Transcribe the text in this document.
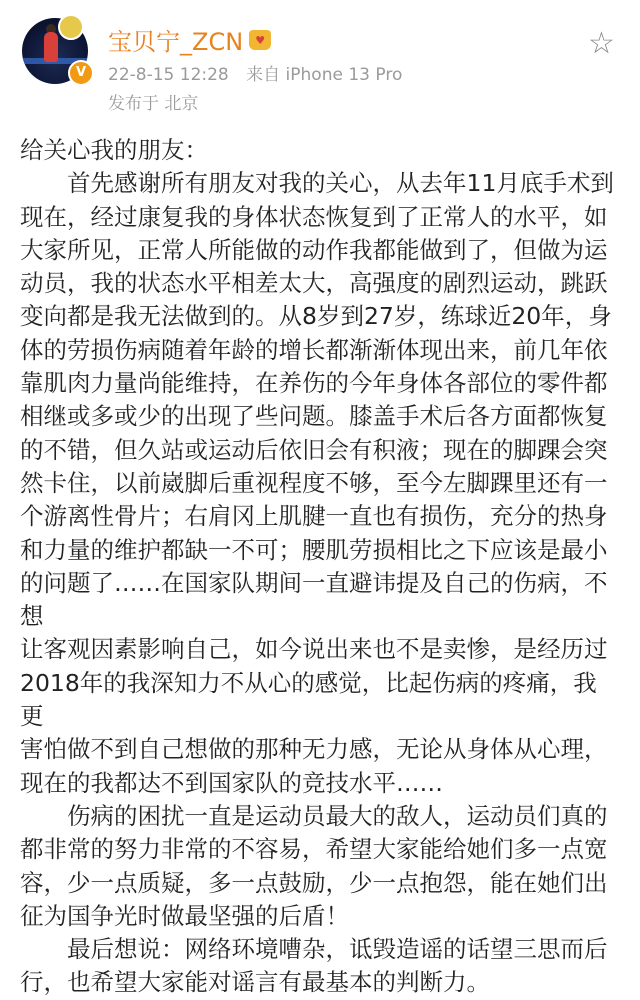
V
宝贝宁_ZCN	♥
22-8-15 12:28 来自 iPhone 13 Pro
发布于 北京
☆
给关心我的朋友：
　　首先感谢所有朋友对我的关心，从去年11月底手术到
现在，经过康复我的身体状态恢复到了正常人的水平，如
大家所见，正常人所能做的动作我都能做到了，但做为运
动员，我的状态水平相差太大，高强度的剧烈运动，跳跃
变向都是我无法做到的。从8岁到27岁，练球近20年，身
体的劳损伤病随着年龄的增长都渐渐体现出来，前几年依
靠肌肉力量尚能维持，在养伤的今年身体各部位的零件都
相继或多或少的出现了些问题。膝盖手术后各方面都恢复
的不错，但久站或运动后依旧会有积液；现在的脚踝会突
然卡住，以前崴脚后重视程度不够，至今左脚踝里还有一
个游离性骨片；右肩冈上肌腱一直也有损伤，充分的热身
和力量的维护都缺一不可；腰肌劳损相比之下应该是最小
的问题了……在国家队期间一直避讳提及自己的伤病，不想
让客观因素影响自己，如今说出来也不是卖惨，是经历过
2018年的我深知力不从心的感觉，比起伤病的疼痛，我更
害怕做不到自己想做的那种无力感，无论从身体从心理，
现在的我都达不到国家队的竞技水平……
　　伤病的困扰一直是运动员最大的敌人，运动员们真的
都非常的努力非常的不容易，希望大家能给她们多一点宽
容，少一点质疑，多一点鼓励，少一点抱怨，能在她们出
征为国争光时做最坚强的后盾！
　　最后想说：网络环境嘈杂，诋毁造谣的话望三思而后
行，也希望大家能对谣言有最基本的判断力。
